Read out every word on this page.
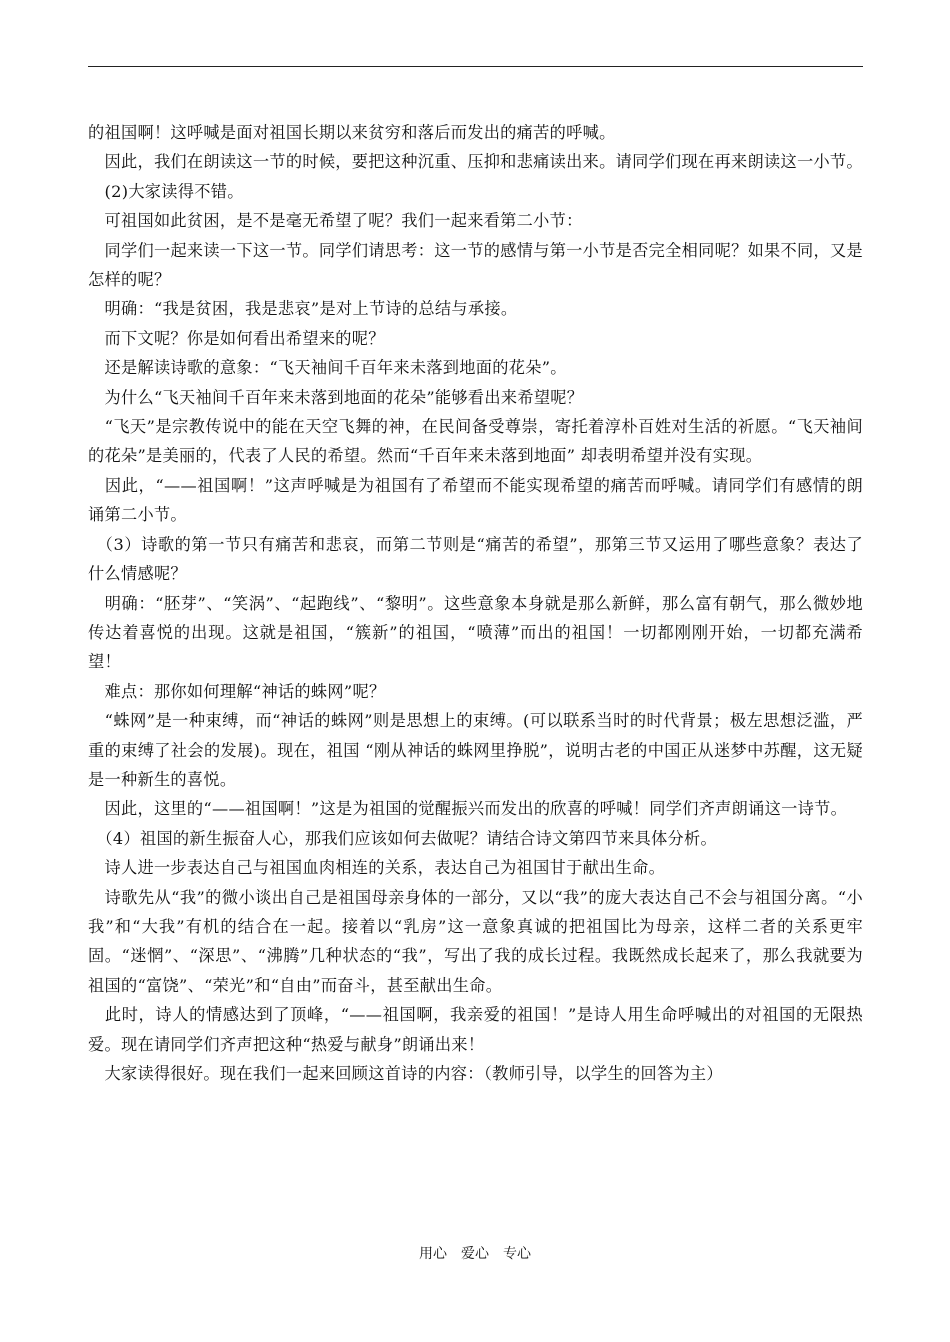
的祖国啊！这呼喊是面对祖国长期以来贫穷和落后而发出的痛苦的呼喊。

　因此，我们在朗读这一节的时候，要把这种沉重、压抑和悲痛读出来。请同学们现在再来朗读这一小节。

　(2)大家读得不错。

　可祖国如此贫困，是不是毫无希望了呢？我们一起来看第二小节：

　同学们一起来读一下这一节。同学们请思考：这一节的感情与第一小节是否完全相同呢？如果不同，又是怎样的呢？

　明确：“我是贫困，我是悲哀”是对上节诗的总结与承接。

　而下文呢？你是如何看出希望来的呢？

　还是解读诗歌的意象：“飞天袖间千百年来未落到地面的花朵”。

　为什么“飞天袖间千百年来未落到地面的花朵”能够看出来希望呢？

　“飞天”是宗教传说中的能在天空飞舞的神，在民间备受尊崇，寄托着淳朴百姓对生活的祈愿。“飞天袖间的花朵”是美丽的，代表了人民的希望。然而“千百年来未落到地面” 却表明希望并没有实现。

　因此，“——祖国啊！”这声呼喊是为祖国有了希望而不能实现希望的痛苦而呼喊。请同学们有感情的朗诵第二小节。

　（3）诗歌的第一节只有痛苦和悲哀，而第二节则是“痛苦的希望”，那第三节又运用了哪些意象？表达了什么情感呢？

　明确：“胚芽”、“笑涡”、“起跑线”、“黎明”。这些意象本身就是那么新鲜，那么富有朝气，那么微妙地传达着喜悦的出现。这就是祖国，“簇新”的祖国，“喷薄”而出的祖国！一切都刚刚开始，一切都充满希望！

　难点：那你如何理解“神话的蛛网”呢？

　“蛛网”是一种束缚，而“神话的蛛网”则是思想上的束缚。(可以联系当时的时代背景；极左思想泛滥，严重的束缚了社会的发展)。现在，祖国 “刚从神话的蛛网里挣脱”，说明古老的中国正从迷梦中苏醒，这无疑是一种新生的喜悦。

　因此，这里的“——祖国啊！”这是为祖国的觉醒振兴而发出的欣喜的呼喊！同学们齐声朗诵这一诗节。

　（4）祖国的新生振奋人心，那我们应该如何去做呢？请结合诗文第四节来具体分析。

　诗人进一步表达自己与祖国血肉相连的关系，表达自己为祖国甘于献出生命。

　诗歌先从“我”的微小谈出自己是祖国母亲身体的一部分，又以“我”的庞大表达自己不会与祖国分离。“小我”和“大我”有机的结合在一起。接着以“乳房”这一意象真诚的把祖国比为母亲，这样二者的关系更牢固。“迷惘”、“深思”、“沸腾”几种状态的“我”，写出了我的成长过程。我既然成长起来了，那么我就要为祖国的“富饶”、“荣光”和“自由”而奋斗，甚至献出生命。

　此时，诗人的情感达到了顶峰，“——祖国啊，我亲爱的祖国！”是诗人用生命呼喊出的对祖国的无限热爱。现在请同学们齐声把这种“热爱与献身”朗诵出来！

　大家读得很好。现在我们一起来回顾这首诗的内容：（教师引导，以学生的回答为主）

用心　爱心　专心
